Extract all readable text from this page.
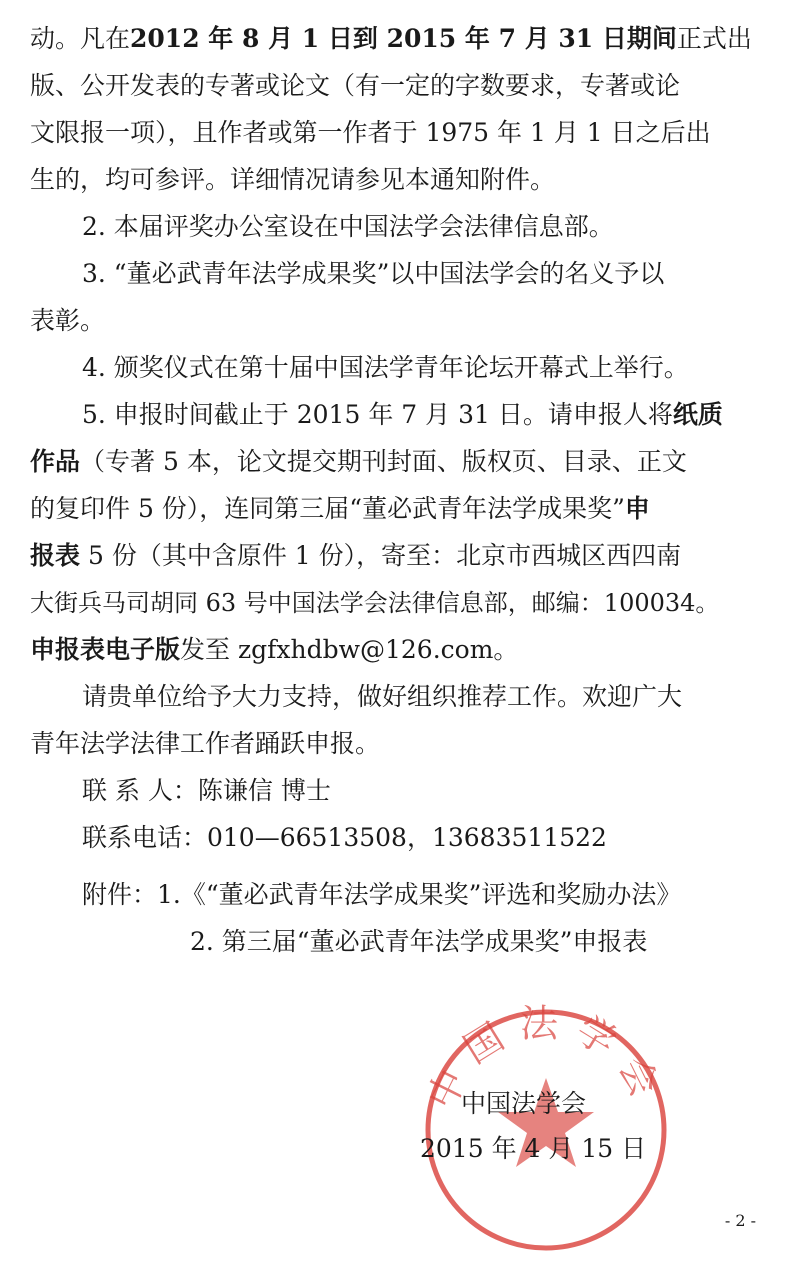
动。凡在2012 年 8 月 1 日到 2015 年 7 月 31 日期间正式出
版、公开发表的专著或论文（有一定的字数要求，专著或论
文限报一项），且作者或第一作者于 1975 年 1 月 1 日之后出
生的，均可参评。详细情况请参见本通知附件。
2. 本届评奖办公室设在中国法学会法律信息部。
3. “董必武青年法学成果奖”以中国法学会的名义予以
表彰。
4. 颁奖仪式在第十届中国法学青年论坛开幕式上举行。
5. 申报时间截止于 2015 年 7 月 31 日。请申报人将纸质
作品（专著 5 本，论文提交期刊封面、版权页、目录、正文
的复印件 5 份），连同第三届“董必武青年法学成果奖”申
报表 5 份（其中含原件 1 份），寄至：北京市西城区西四南
大街兵马司胡同 63 号中国法学会法律信息部，邮编：100034。
申报表电子版发至 zgfxhdbw@126.com。
请贵单位给予大力支持，做好组织推荐工作。欢迎广大
青年法学法律工作者踊跃申报。
联 系 人：陈谦信 博士
联系电话：010—66513508，13683511522
附件：1.《“董必武青年法学成果奖”评选和奖励办法》
2. 第三届“董必武青年法学成果奖”申报表
中国法学会
中国法学会
2015 年 4 月 15 日
- 2 -
